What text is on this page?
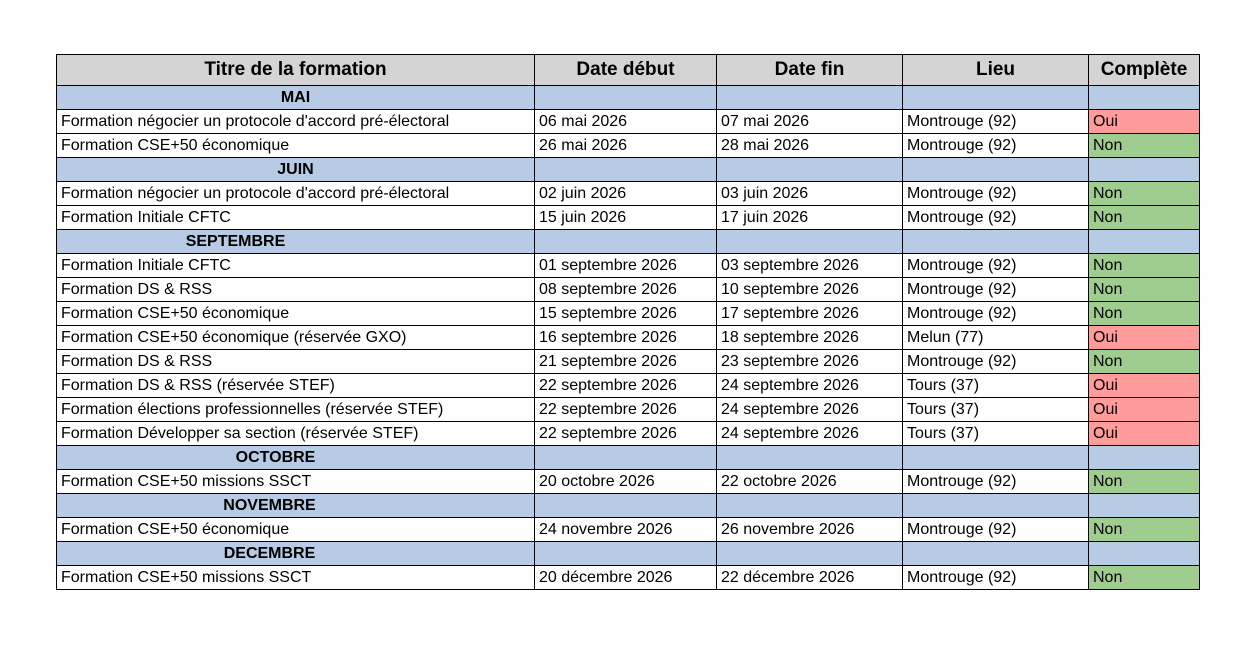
Titre de la formation	Date début	Date fin	Lieu	Complète
MAI				
Formation négocier un protocole d'accord pré-électoral	06 mai 2026	07 mai 2026	Montrouge (92)	Oui
Formation CSE+50 économique	26 mai 2026	28 mai 2026	Montrouge (92)	Non
JUIN				
Formation négocier un protocole d'accord pré-électoral	02 juin 2026	03 juin 2026	Montrouge (92)	Non
Formation Initiale CFTC	15 juin 2026	17 juin 2026	Montrouge (92)	Non
SEPTEMBRE				
Formation Initiale CFTC	01 septembre 2026	03 septembre 2026	Montrouge (92)	Non
Formation DS & RSS	08 septembre 2026	10 septembre 2026	Montrouge (92)	Non
Formation CSE+50 économique	15 septembre 2026	17 septembre 2026	Montrouge (92)	Non
Formation CSE+50 économique (réservée GXO)	16 septembre 2026	18 septembre 2026	Melun (77)	Oui
Formation DS & RSS	21 septembre 2026	23 septembre 2026	Montrouge (92)	Non
Formation DS & RSS (réservée STEF)	22 septembre 2026	24 septembre 2026	Tours (37)	Oui
Formation élections professionnelles (réservée STEF)	22 septembre 2026	24 septembre 2026	Tours (37)	Oui
Formation Développer sa section (réservée STEF)	22 septembre 2026	24 septembre 2026	Tours (37)	Oui
OCTOBRE				
Formation CSE+50 missions SSCT	20 octobre 2026	22 octobre 2026	Montrouge (92)	Non
NOVEMBRE				
Formation CSE+50 économique	24 novembre 2026	26 novembre 2026	Montrouge (92)	Non
DECEMBRE				
Formation CSE+50 missions SSCT	20 décembre 2026	22 décembre 2026	Montrouge (92)	Non
